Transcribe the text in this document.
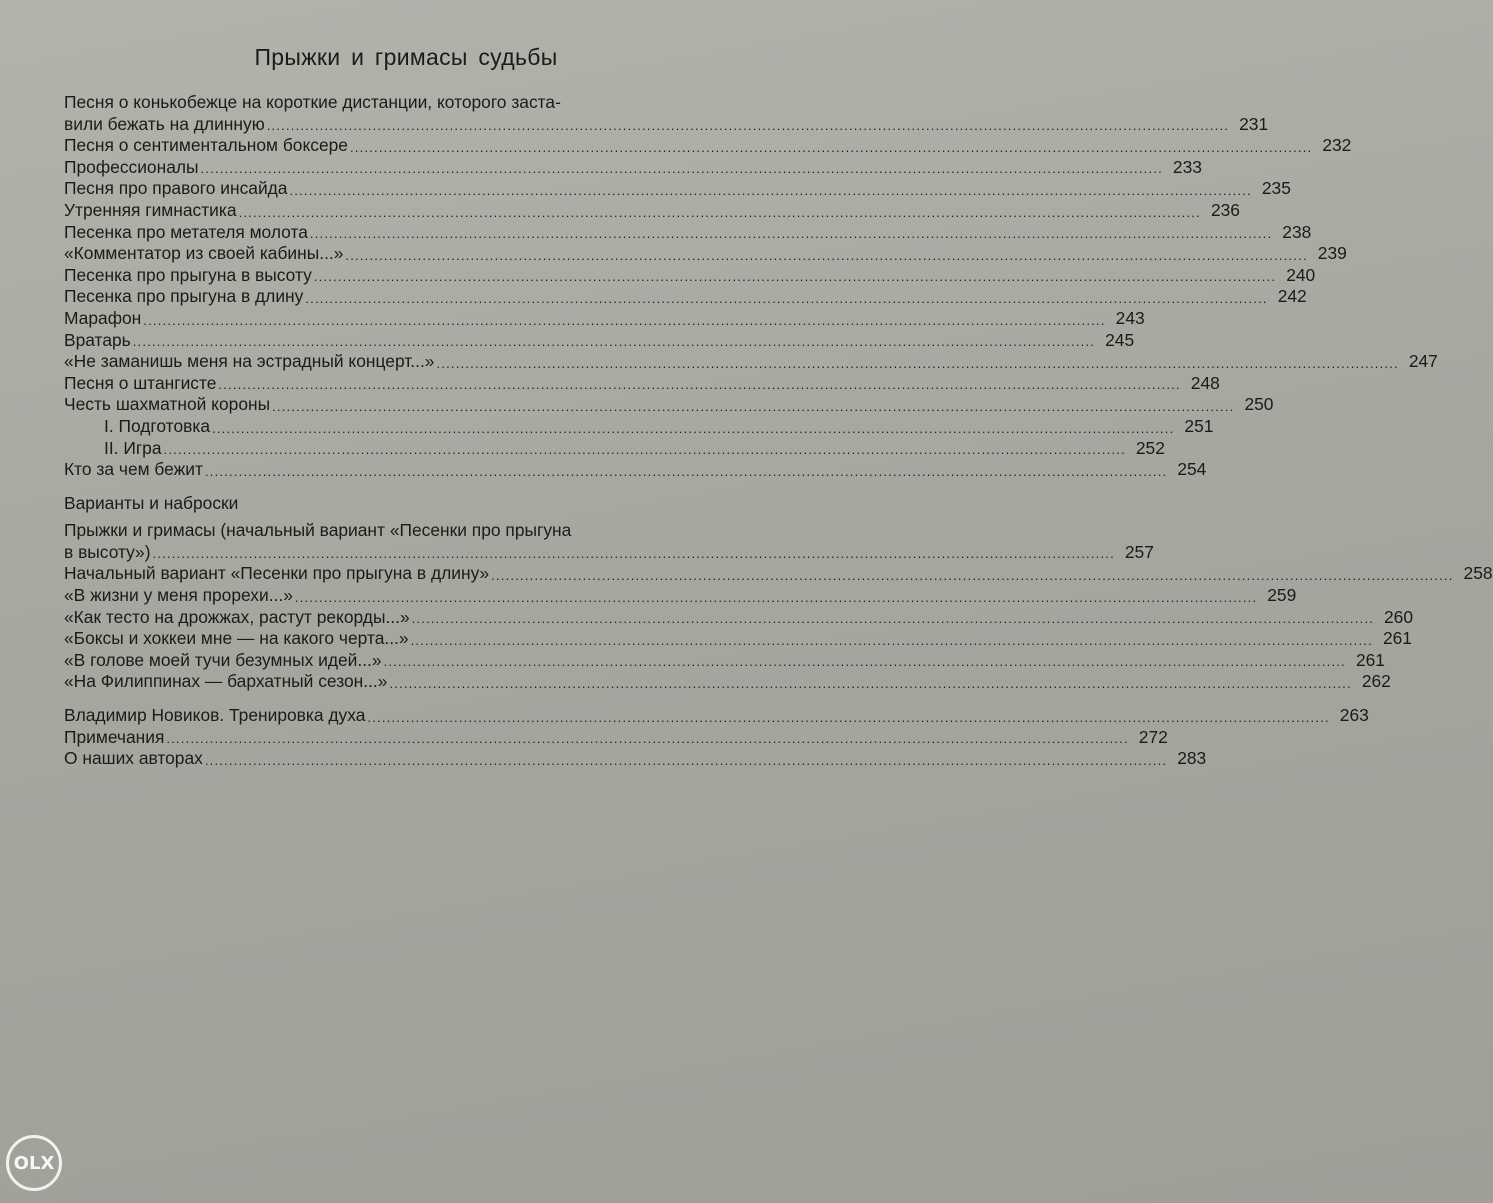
Прыжки и гримасы судьбы
Песня о конькобежце на короткие дистанции, которого заста-
вили бежать на длинную ........................................................................................................................................................................................................ 231
Песня о сентиментальном боксере ........................................................................................................................................................................................................ 232
Профессионалы ........................................................................................................................................................................................................ 233
Песня про правого инсайда ........................................................................................................................................................................................................ 235
Утренняя гимнастика ........................................................................................................................................................................................................ 236
Песенка про метателя молота ........................................................................................................................................................................................................ 238
«Комментатор из своей кабины...» ........................................................................................................................................................................................................ 239
Песенка про прыгуна в высоту ........................................................................................................................................................................................................ 240
Песенка про прыгуна в длину ........................................................................................................................................................................................................ 242
Марафон ........................................................................................................................................................................................................ 243
Вратарь ........................................................................................................................................................................................................ 245
«Не заманишь меня на эстрадный концерт...» ........................................................................................................................................................................................................ 247
Песня о штангисте ........................................................................................................................................................................................................ 248
Честь шахматной короны ........................................................................................................................................................................................................ 250
I. Подготовка ........................................................................................................................................................................................................ 251
II. Игра ........................................................................................................................................................................................................ 252
Кто за чем бежит ........................................................................................................................................................................................................ 254
Варианты и наброски
Прыжки и гримасы (начальный вариант «Песенки про прыгуна
в высоту») ........................................................................................................................................................................................................ 257
Начальный вариант «Песенки про прыгуна в длину» ........................................................................................................................................................................................................ 258
«В жизни у меня прорехи...» ........................................................................................................................................................................................................ 259
«Как тесто на дрожжах, растут рекорды...» ........................................................................................................................................................................................................ 260
«Боксы и хоккеи мне — на какого черта...» ........................................................................................................................................................................................................ 261
«В голове моей тучи безумных идей...» ........................................................................................................................................................................................................ 261
«На Филиппинах — бархатный сезон...» ........................................................................................................................................................................................................ 262
Владимир Новиков. Тренировка духа ........................................................................................................................................................................................................ 263
Примечания ........................................................................................................................................................................................................ 272
О наших авторах ........................................................................................................................................................................................................ 283
OLX
